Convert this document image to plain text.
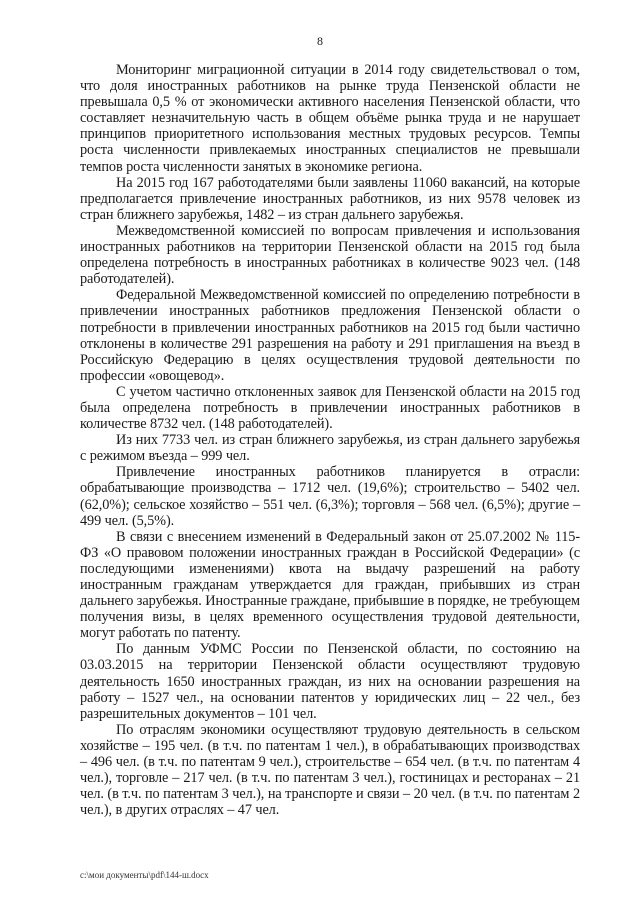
8

Мониторинг миграционной ситуации в 2014 году свидетельствовал о том, что доля иностранных работников на рынке труда Пензенской области не превышала 0,5 % от экономически активного населения Пензенской области, что составляет незначительную часть в общем объёме рынка труда и не нарушает принципов приоритетного использования местных трудовых ресурсов. Темпы роста численности привлекаемых иностранных специалистов не превышали темпов роста численности занятых в экономике региона.

На 2015 год 167 работодателями были заявлены 11060 вакансий, на которые предполагается привлечение иностранных работников, из них 9578 человек из стран ближнего зарубежья, 1482 – из стран дальнего зарубежья.

Межведомственной комиссией по вопросам привлечения и использования иностранных работников на территории Пензенской области на 2015 год была определена потребность в иностранных работниках в количестве 9023 чел. (148 работодателей).

Федеральной Межведомственной комиссией по определению потребности в привлечении иностранных работников предложения Пензенской области о потребности в привлечении иностранных работников на 2015 год были частично отклонены в количестве 291 разрешения на работу и 291 приглашения на въезд в Российскую Федерацию в целях осуществления трудовой деятельности по профессии «овощевод».

С учетом частично отклоненных заявок для Пензенской области на 2015 год была определена потребность в привлечении иностранных работников в количестве 8732 чел. (148 работодателей).

Из них 7733 чел. из стран ближнего зарубежья, из стран дальнего зарубежья с режимом въезда – 999 чел.

Привлечение иностранных работников планируется в отрасли: обрабатывающие производства – 1712 чел. (19,6%); строительство – 5402 чел. (62,0%); сельское хозяйство – 551 чел. (6,3%); торговля – 568 чел. (6,5%); другие – 499 чел. (5,5%).

В связи с внесением изменений в Федеральный закон от 25.07.2002 № 115-ФЗ «О правовом положении иностранных граждан в Российской Федерации» (с последующими изменениями) квота на выдачу разрешений на работу иностранным гражданам утверждается для граждан, прибывших из стран дальнего зарубежья. Иностранные граждане, прибывшие в порядке, не требующем получения визы, в целях временного осуществления трудовой деятельности, могут работать по патенту.

По данным УФМС России по Пензенской области, по состоянию на 03.03.2015 на территории Пензенской области осуществляют трудовую деятельность 1650 иностранных граждан, из них на основании разрешения на работу – 1527 чел., на основании патентов у юридических лиц – 22 чел., без разрешительных документов – 101 чел.

По отраслям экономики осуществляют трудовую деятельность в сельском хозяйстве – 195 чел. (в т.ч. по патентам 1 чел.), в обрабатывающих производствах – 496 чел. (в т.ч. по патентам 9 чел.), строительстве – 654 чел. (в т.ч. по патентам 4 чел.), торговле – 217 чел. (в т.ч. по патентам 3 чел.), гостиницах и ресторанах – 21 чел. (в т.ч. по патентам 3 чел.), на транспорте и связи – 20 чел. (в т.ч. по патентам 2 чел.), в других отраслях – 47 чел.

c:\мои документы\pdf\144-ш.docx
